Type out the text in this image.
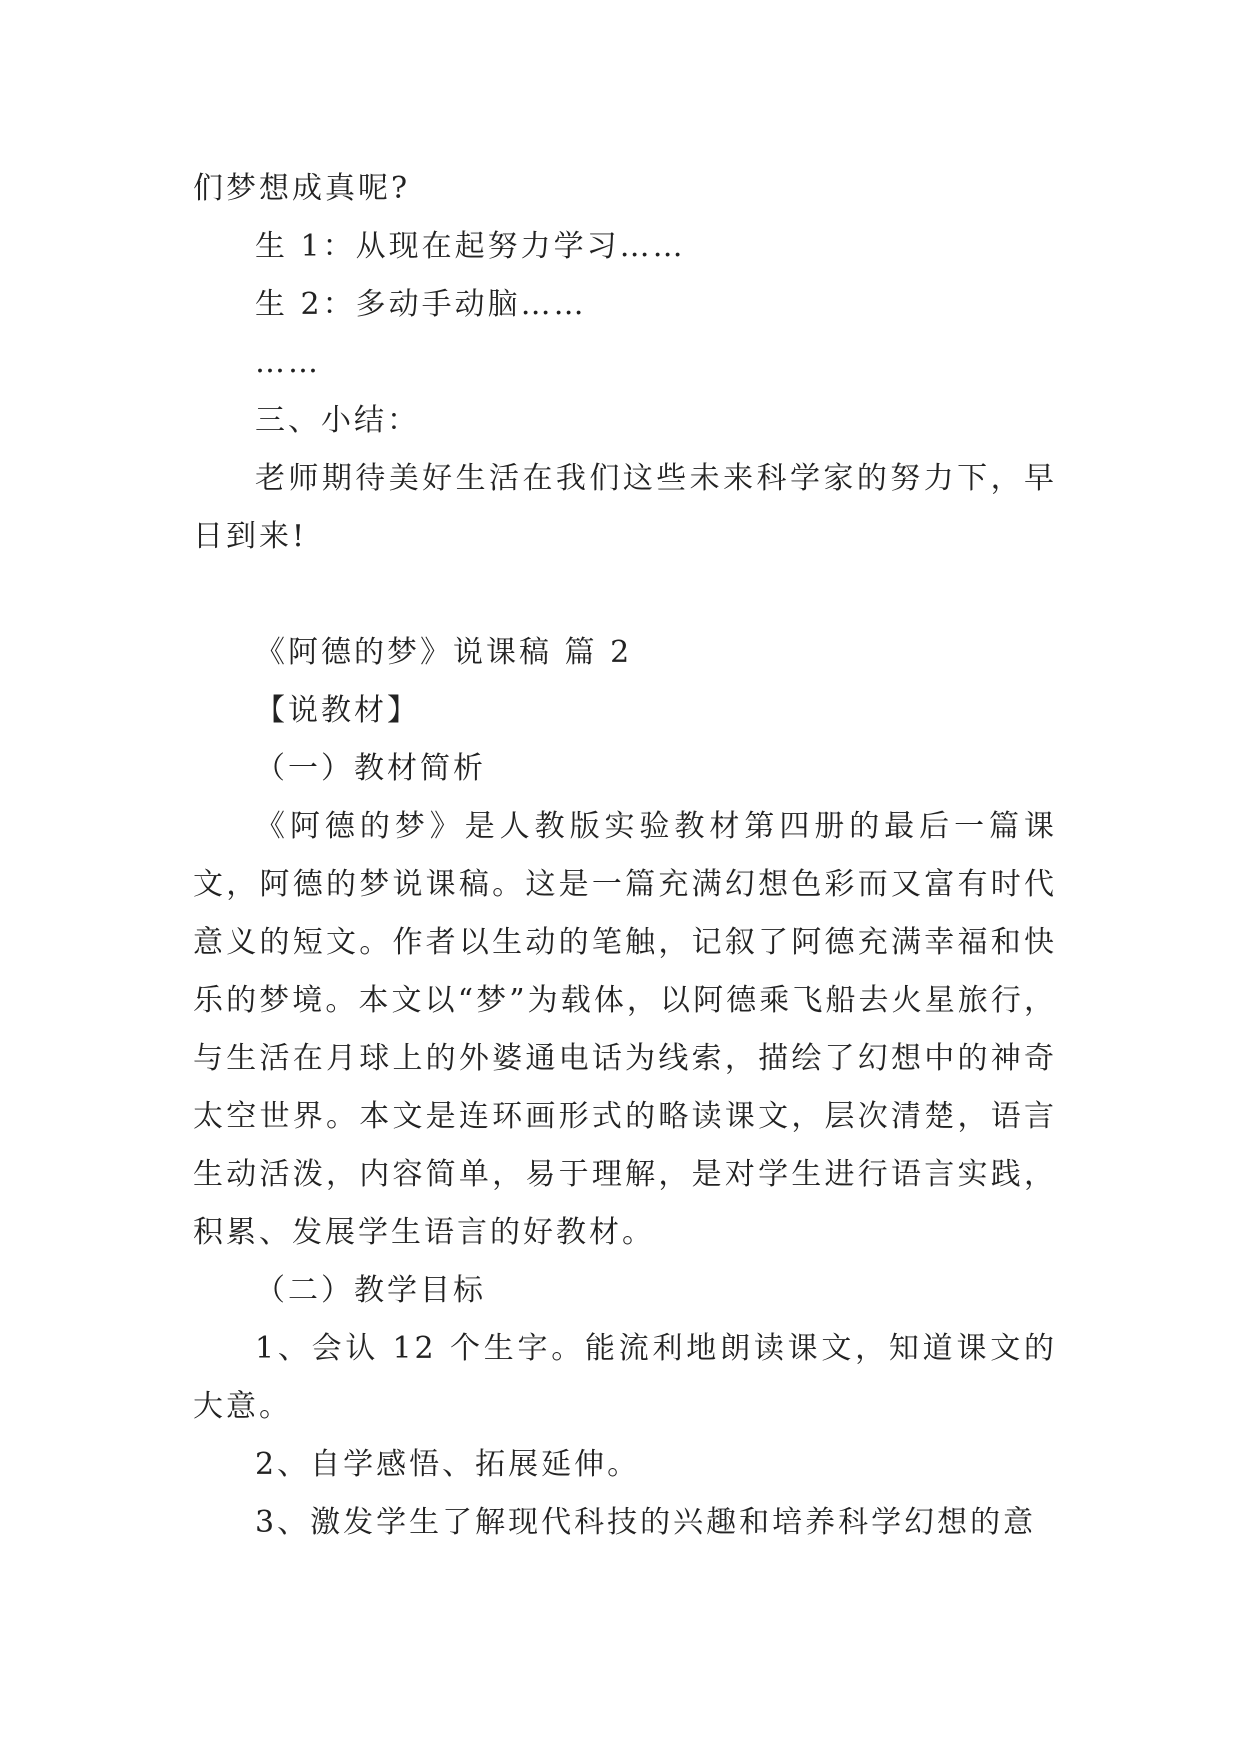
们梦想成真呢?

生 1：从现在起努力学习……

生 2：多动手动脑……

……

三、小结：

老师期待美好生活在我们这些未来科学家的努力下，早日到来!

《阿德的梦》说课稿 篇 2

【说教材】

（一）教材简析

《阿德的梦》是人教版实验教材第四册的最后一篇课文，阿德的梦说课稿。这是一篇充满幻想色彩而又富有时代意义的短文。作者以生动的笔触，记叙了阿德充满幸福和快乐的梦境。本文以“梦”为载体，以阿德乘飞船去火星旅行，与生活在月球上的外婆通电话为线索，描绘了幻想中的神奇太空世界。本文是连环画形式的略读课文，层次清楚，语言生动活泼，内容简单，易于理解，是对学生进行语言实践，积累、发展学生语言的好教材。

（二）教学目标

1、会认 12 个生字。能流利地朗读课文，知道课文的大意。

2、自学感悟、拓展延伸。

3、激发学生了解现代科技的兴趣和培养科学幻想的意
